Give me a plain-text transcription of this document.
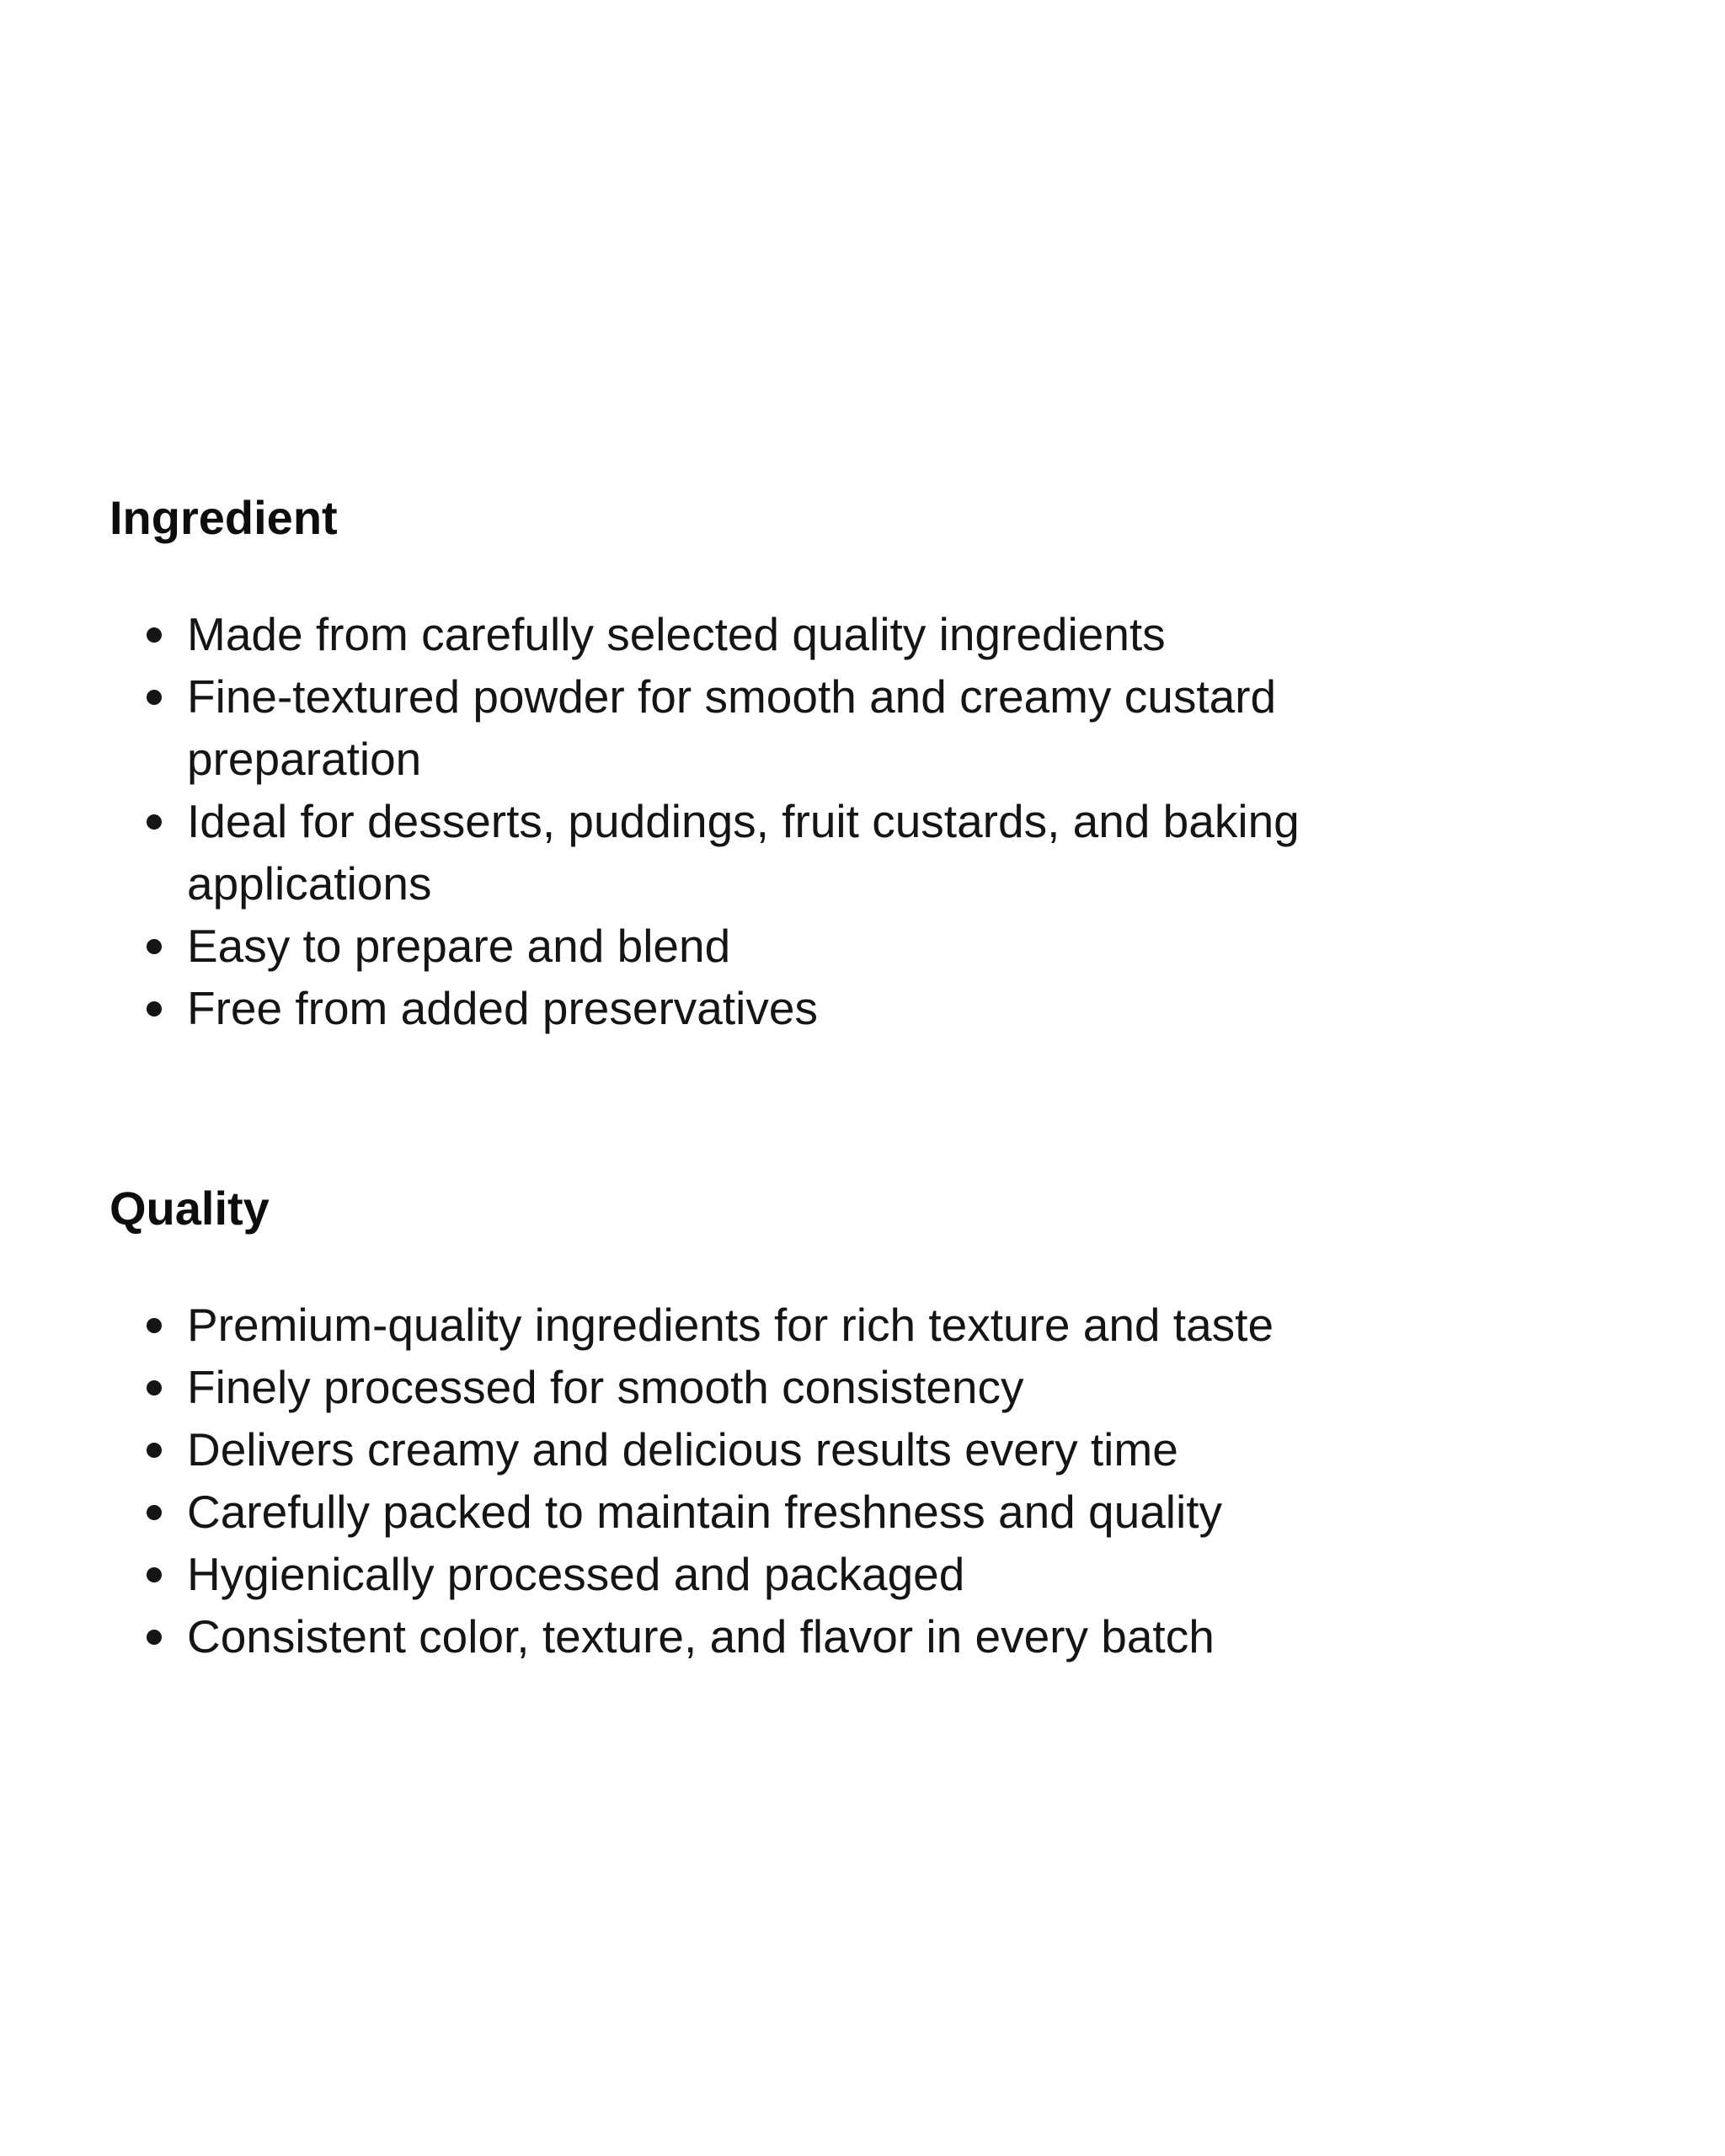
Ingredient
Made from carefully selected quality ingredients
Fine-textured powder for smooth and creamy custard preparation
Ideal for desserts, puddings, fruit custards, and baking applications
Easy to prepare and blend
Free from added preservatives
Quality
Premium-quality ingredients for rich texture and taste
Finely processed for smooth consistency
Delivers creamy and delicious results every time
Carefully packed to maintain freshness and quality
Hygienically processed and packaged
Consistent color, texture, and flavor in every batch
